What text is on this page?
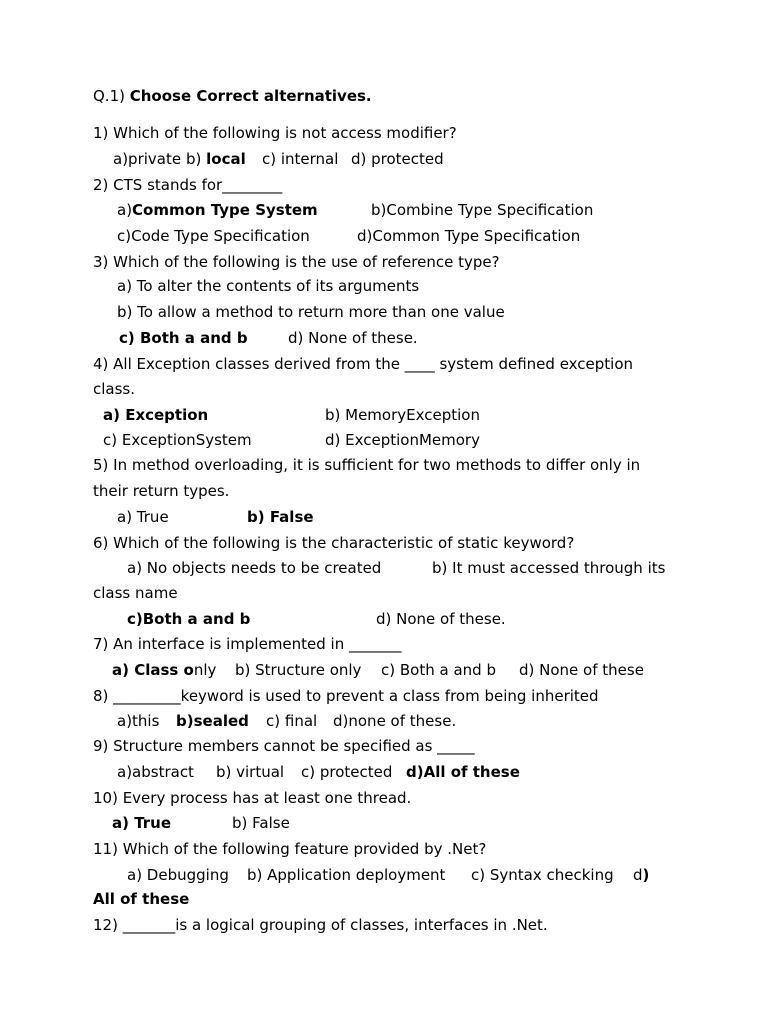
Q.1) Choose Correct alternatives.
1) Which of the following is not access modifier?
a)private b) local c) internal d) protected
2) CTS stands for________
a)Common Type System	b)Combine Type Specification
c)Code Type Specification	d)Common Type Specification
3) Which of the following is the use of reference type?
a) To alter the contents of its arguments
b) To allow a method to return more than one value
c) Both a and b	d) None of these.
4) All Exception classes derived from the ____ system defined exception
class.
a) Exception	b) MemoryException
c) ExceptionSystem	d) ExceptionMemory
5) In method overloading, it is sufficient for two methods to differ only in
their return types.
a) True	b) False
6) Which of the following is the characteristic of static keyword?
a) No objects needs to be created	b) It must accessed through its
class name
c)Both a and b	d) None of these.
7) An interface is implemented in _______
a) Class only b) Structure only c) Both a and b d) None of these
8) _________keyword is used to prevent a class from being inherited
a)this b)sealed c) final d)none of these.
9) Structure members cannot be specified as _____
a)abstract b) virtual c) protected d)All of these
10) Every process has at least one thread.
a) True	b) False
11) Which of the following feature provided by .Net?
a) Debugging b) Application deployment c) Syntax checking d)
All of these
12) _______is a logical grouping of classes, interfaces in .Net.
